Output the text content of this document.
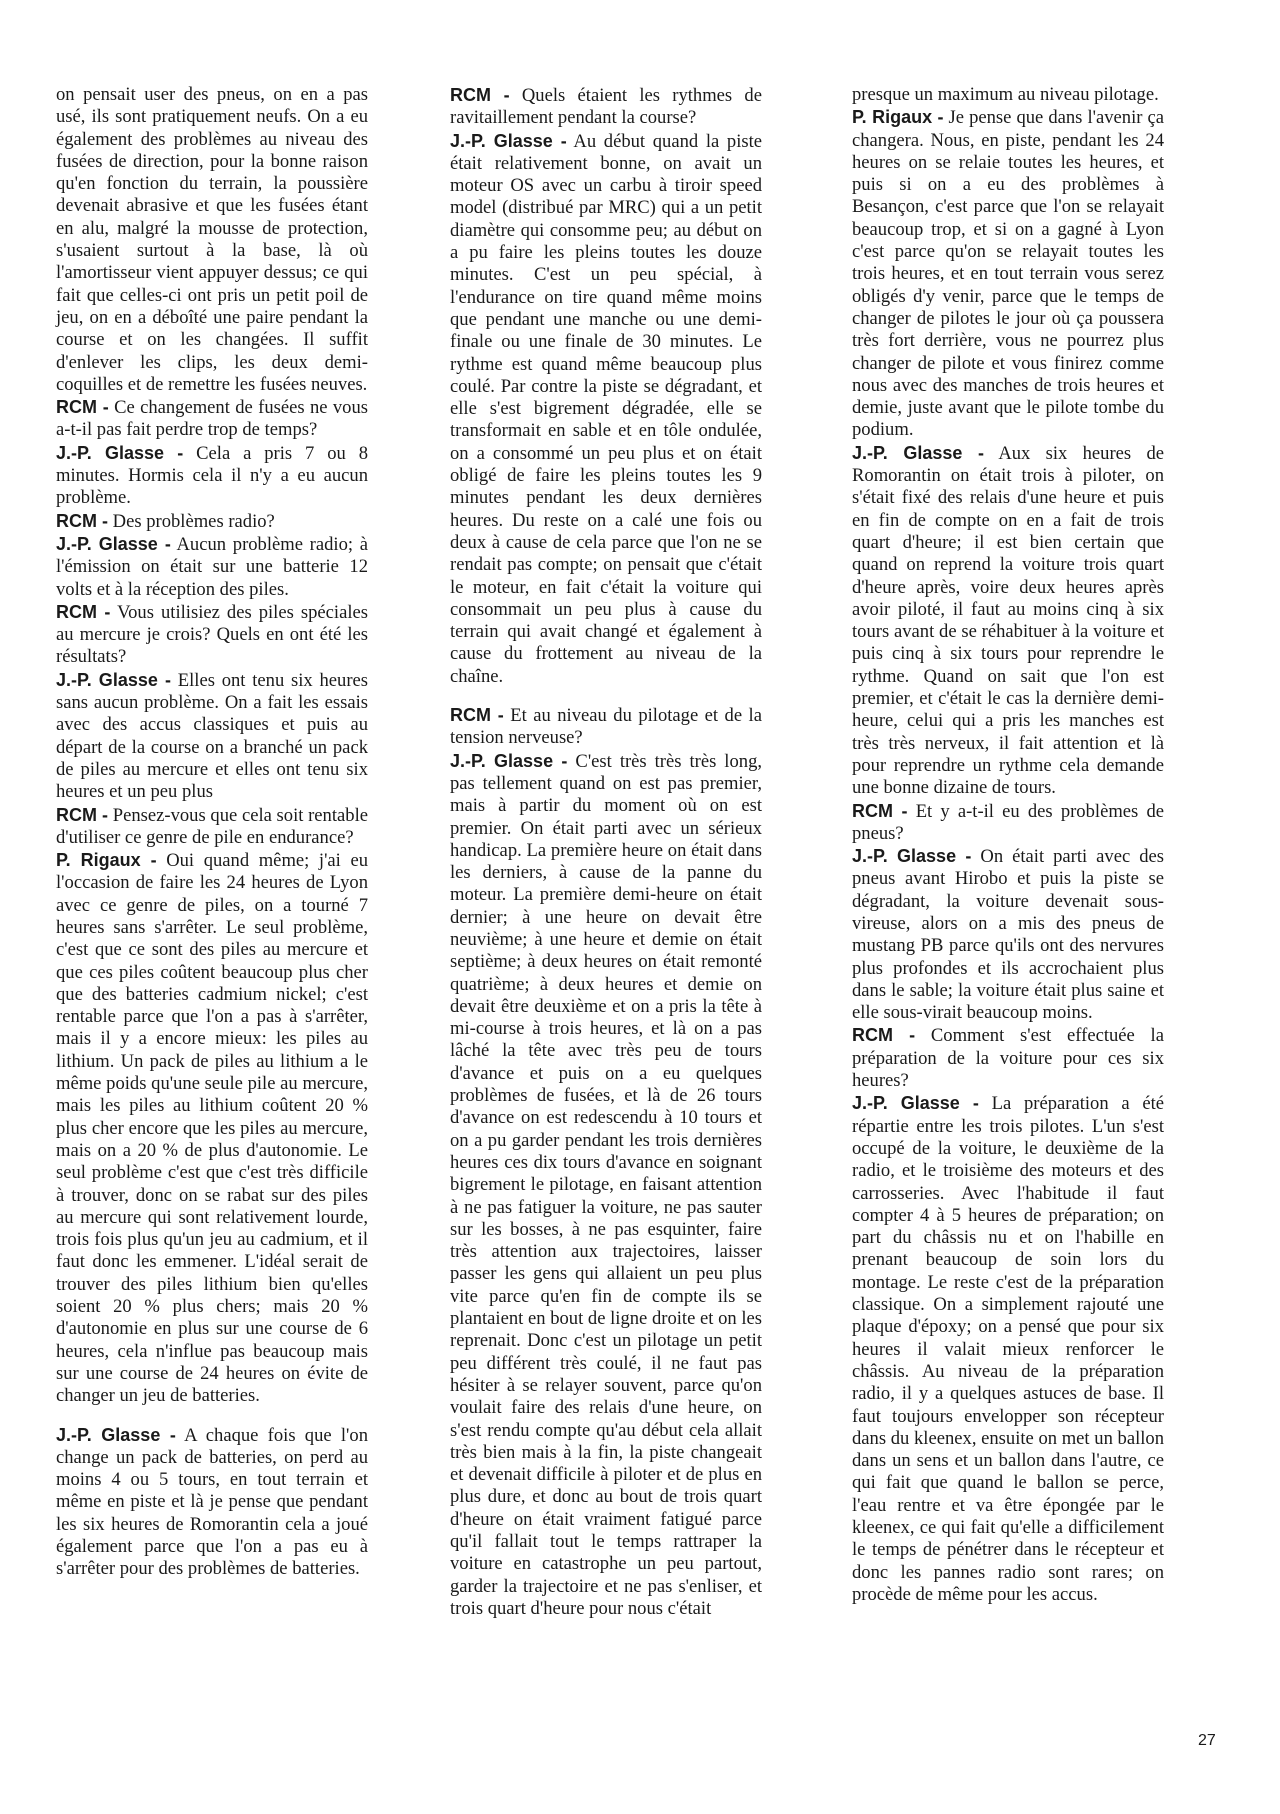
on pensait user des pneus, on en a pas usé, ils sont pratiquement neufs. On a eu également des problèmes au niveau des fusées de direction, pour la bonne raison qu'en fonction du terrain, la poussière devenait abrasive et que les fusées étant en alu, malgré la mousse de protection, s'usaient surtout à la base, là où l'amortisseur vient appuyer dessus; ce qui fait que celles-ci ont pris un petit poil de jeu, on en a déboîté une paire pendant la course et on les changées. Il suffit d'enlever les clips, les deux demi-coquilles et de remettre les fusées neuves.

RCM - Ce changement de fusées ne vous a-t-il pas fait perdre trop de temps?

J.-P. Glasse - Cela a pris 7 ou 8 minutes. Hormis cela il n'y a eu aucun problème.

RCM - Des problèmes radio?

J.-P. Glasse - Aucun problème radio; à l'émission on était sur une batterie 12 volts et à la réception des piles.

RCM - Vous utilisiez des piles spéciales au mercure je crois? Quels en ont été les résultats?

J.-P. Glasse - Elles ont tenu six heures sans aucun problème. On a fait les essais avec des accus classiques et puis au départ de la course on a branché un pack de piles au mercure et elles ont tenu six heures et un peu plus

RCM - Pensez-vous que cela soit rentable d'utiliser ce genre de pile en endurance?

P. Rigaux - Oui quand même; j'ai eu l'occasion de faire les 24 heures de Lyon avec ce genre de piles, on a tourné 7 heures sans s'arrêter. Le seul problème, c'est que ce sont des piles au mercure et que ces piles coûtent beaucoup plus cher que des batteries cadmium nickel; c'est rentable parce que l'on a pas à s'arrêter, mais il y a encore mieux: les piles au lithium. Un pack de piles au lithium a le même poids qu'une seule pile au mercure, mais les piles au lithium coûtent 20 % plus cher encore que les piles au mercure, mais on a 20 % de plus d'autonomie. Le seul problème c'est que c'est très difficile à trouver, donc on se rabat sur des piles au mercure qui sont relativement lourde, trois fois plus qu'un jeu au cadmium, et il faut donc les emmener. L'idéal serait de trouver des piles lithium bien qu'elles soient 20 % plus chers; mais 20 % d'autonomie en plus sur une course de 6 heures, cela n'influe pas beaucoup mais sur une course de 24 heures on évite de changer un jeu de batteries.

J.-P. Glasse - A chaque fois que l'on change un pack de batteries, on perd au moins 4 ou 5 tours, en tout terrain et même en piste et là je pense que pendant les six heures de Romorantin cela a joué également parce que l'on a pas eu à s'arrêter pour des problèmes de batteries.

RCM - Quels étaient les rythmes de ravitaillement pendant la course?

J.-P. Glasse - Au début quand la piste était relativement bonne, on avait un moteur OS avec un carbu à tiroir speed model (distribué par MRC) qui a un petit diamètre qui consomme peu; au début on a pu faire les pleins toutes les douze minutes. C'est un peu spécial, à l'endurance on tire quand même moins que pendant une manche ou une demi-finale ou une finale de 30 minutes. Le rythme est quand même beaucoup plus coulé. Par contre la piste se dégradant, et elle s'est bigrement dégradée, elle se transformait en sable et en tôle ondulée, on a consommé un peu plus et on était obligé de faire les pleins toutes les 9 minutes pendant les deux dernières heures. Du reste on a calé une fois ou deux à cause de cela parce que l'on ne se rendait pas compte; on pensait que c'était le moteur, en fait c'était la voiture qui consommait un peu plus à cause du terrain qui avait changé et également à cause du frottement au niveau de la chaîne.

RCM - Et au niveau du pilotage et de la tension nerveuse?

J.-P. Glasse - C'est très très très long, pas tellement quand on est pas premier, mais à partir du moment où on est premier. On était parti avec un sérieux handicap. La première heure on était dans les derniers, à cause de la panne du moteur. La première demi-heure on était dernier; à une heure on devait être neuvième; à une heure et demie on était septième; à deux heures on était remonté quatrième; à deux heures et demie on devait être deuxième et on a pris la tête à mi-course à trois heures, et là on a pas lâché la tête avec très peu de tours d'avance et puis on a eu quelques problèmes de fusées, et là de 26 tours d'avance on est redescendu à 10 tours et on a pu garder pendant les trois dernières heures ces dix tours d'avance en soignant bigrement le pilotage, en faisant attention à ne pas fatiguer la voiture, ne pas sauter sur les bosses, à ne pas esquinter, faire très attention aux trajectoires, laisser passer les gens qui allaient un peu plus vite parce qu'en fin de compte ils se plantaient en bout de ligne droite et on les reprenait. Donc c'est un pilotage un petit peu différent très coulé, il ne faut pas hésiter à se relayer souvent, parce qu'on voulait faire des relais d'une heure, on s'est rendu compte qu'au début cela allait très bien mais à la fin, la piste changeait et devenait difficile à piloter et de plus en plus dure, et donc au bout de trois quart d'heure on était vraiment fatigué parce qu'il fallait tout le temps rattraper la voiture en catastrophe un peu partout, garder la trajectoire et ne pas s'enliser, et trois quart d'heure pour nous c'était

presque un maximum au niveau pilotage.

P. Rigaux - Je pense que dans l'avenir ça changera. Nous, en piste, pendant les 24 heures on se relaie toutes les heures, et puis si on a eu des problèmes à Besançon, c'est parce que l'on se relayait beaucoup trop, et si on a gagné à Lyon c'est parce qu'on se relayait toutes les trois heures, et en tout terrain vous serez obligés d'y venir, parce que le temps de changer de pilotes le jour où ça poussera très fort derrière, vous ne pourrez plus changer de pilote et vous finirez comme nous avec des manches de trois heures et demie, juste avant que le pilote tombe du podium.

J.-P. Glasse - Aux six heures de Romorantin on était trois à piloter, on s'était fixé des relais d'une heure et puis en fin de compte on en a fait de trois quart d'heure; il est bien certain que quand on reprend la voiture trois quart d'heure après, voire deux heures après avoir piloté, il faut au moins cinq à six tours avant de se réhabituer à la voiture et puis cinq à six tours pour reprendre le rythme. Quand on sait que l'on est premier, et c'était le cas la dernière demi-heure, celui qui a pris les manches est très très nerveux, il fait attention et là pour reprendre un rythme cela demande une bonne dizaine de tours.

RCM - Et y a-t-il eu des problèmes de pneus?

J.-P. Glasse - On était parti avec des pneus avant Hirobo et puis la piste se dégradant, la voiture devenait sous-vireuse, alors on a mis des pneus de mustang PB parce qu'ils ont des nervures plus profondes et ils accrochaient plus dans le sable; la voiture était plus saine et elle sous-virait beaucoup moins.

RCM - Comment s'est effectuée la préparation de la voiture pour ces six heures?

J.-P. Glasse - La préparation a été répartie entre les trois pilotes. L'un s'est occupé de la voiture, le deuxième de la radio, et le troisième des moteurs et des carrosseries. Avec l'habitude il faut compter 4 à 5 heures de préparation; on part du châssis nu et on l'habille en prenant beaucoup de soin lors du montage. Le reste c'est de la préparation classique. On a simplement rajouté une plaque d'époxy; on a pensé que pour six heures il valait mieux renforcer le châssis. Au niveau de la préparation radio, il y a quelques astuces de base. Il faut toujours envelopper son récepteur dans du kleenex, ensuite on met un ballon dans un sens et un ballon dans l'autre, ce qui fait que quand le ballon se perce, l'eau rentre et va être épongée par le kleenex, ce qui fait qu'elle a difficilement le temps de pénétrer dans le récepteur et donc les pannes radio sont rares; on procède de même pour les accus.

27
